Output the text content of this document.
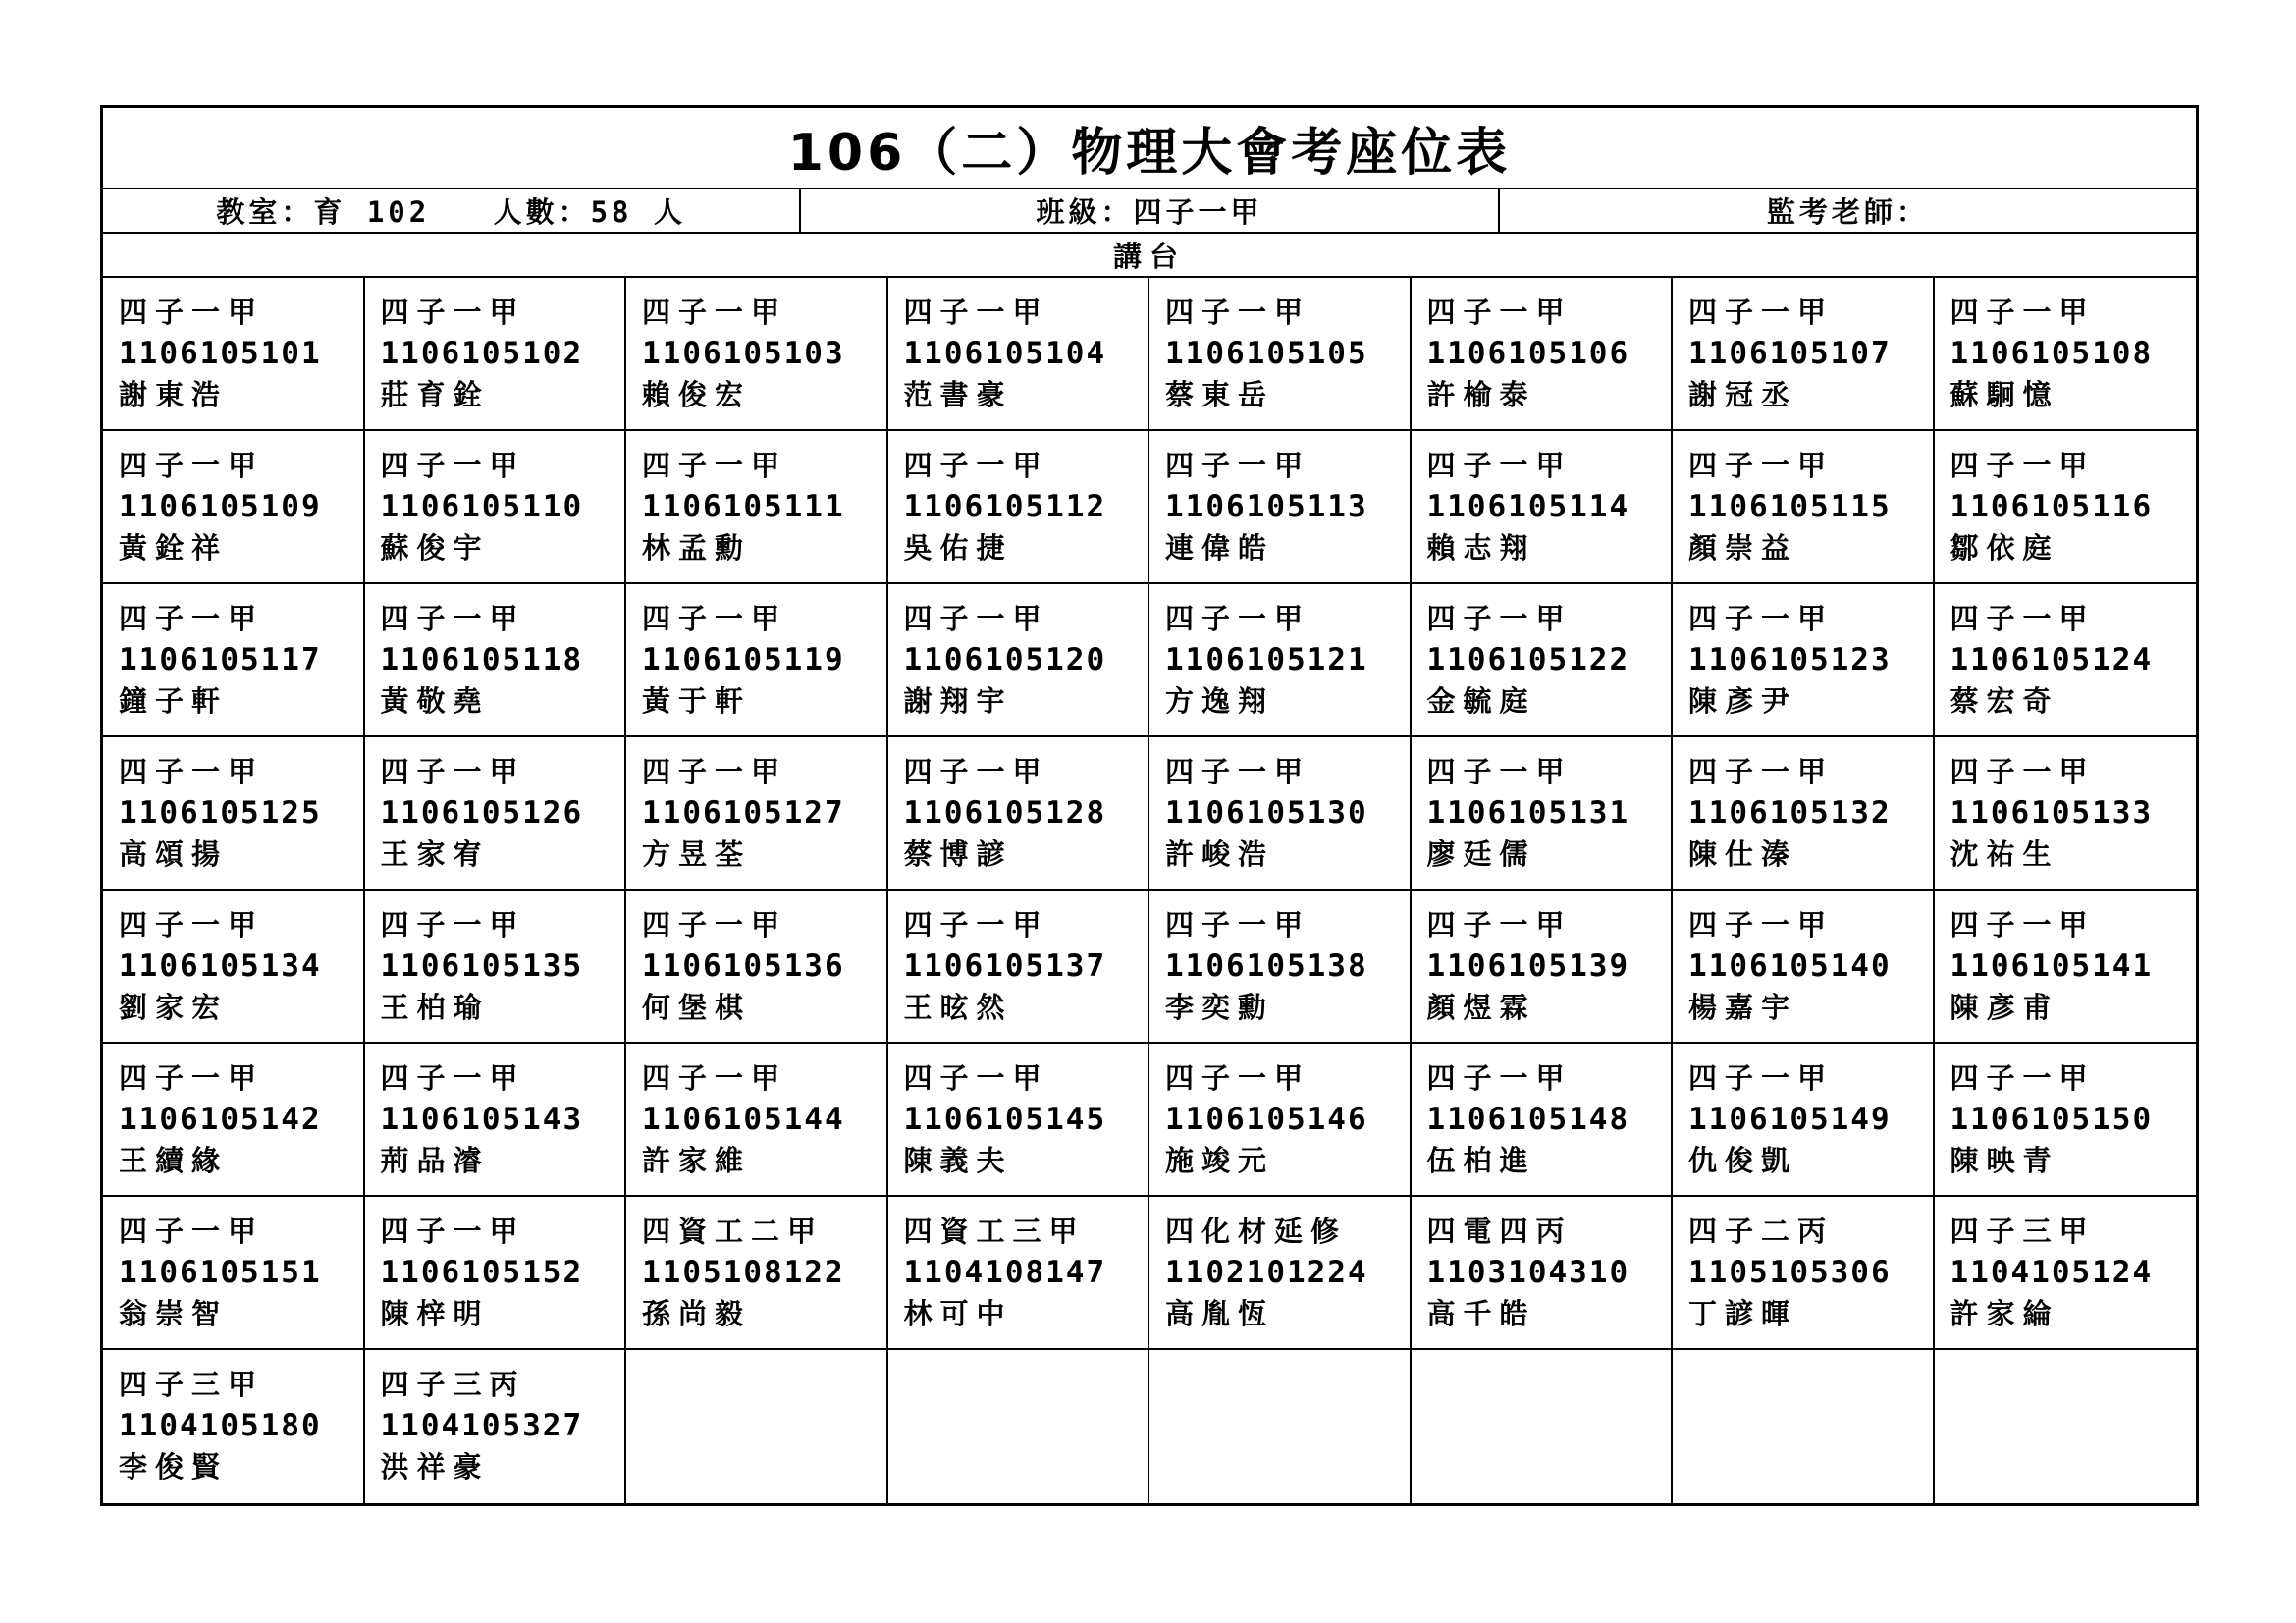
106（二）物理大會考座位表
教室：育 102   人數：58 人	班級：四子一甲	監考老師：
講台
四子一甲
1106105101
謝東浩
四子一甲
1106105102
莊育銓
四子一甲
1106105103
賴俊宏
四子一甲
1106105104
范書豪
四子一甲
1106105105
蔡東岳
四子一甲
1106105106
許榆泰
四子一甲
1106105107
謝冠丞
四子一甲
1106105108
蘇駉憶
四子一甲
1106105109
黃銓祥
四子一甲
1106105110
蘇俊宇
四子一甲
1106105111
林孟勳
四子一甲
1106105112
吳佑捷
四子一甲
1106105113
連偉皓
四子一甲
1106105114
賴志翔
四子一甲
1106105115
顏崇益
四子一甲
1106105116
鄒依庭
四子一甲
1106105117
鐘子軒
四子一甲
1106105118
黃敬堯
四子一甲
1106105119
黃于軒
四子一甲
1106105120
謝翔宇
四子一甲
1106105121
方逸翔
四子一甲
1106105122
金毓庭
四子一甲
1106105123
陳彥尹
四子一甲
1106105124
蔡宏奇
四子一甲
1106105125
高頌揚
四子一甲
1106105126
王家宥
四子一甲
1106105127
方昱荃
四子一甲
1106105128
蔡博諺
四子一甲
1106105130
許峻浩
四子一甲
1106105131
廖廷儒
四子一甲
1106105132
陳仕溱
四子一甲
1106105133
沈祐生
四子一甲
1106105134
劉家宏
四子一甲
1106105135
王柏瑜
四子一甲
1106105136
何堡棋
四子一甲
1106105137
王昡然
四子一甲
1106105138
李奕勳
四子一甲
1106105139
顏煜霖
四子一甲
1106105140
楊嘉宇
四子一甲
1106105141
陳彥甫
四子一甲
1106105142
王續緣
四子一甲
1106105143
荊品濬
四子一甲
1106105144
許家維
四子一甲
1106105145
陳義夫
四子一甲
1106105146
施竣元
四子一甲
1106105148
伍柏進
四子一甲
1106105149
仇俊凱
四子一甲
1106105150
陳映青
四子一甲
1106105151
翁崇智
四子一甲
1106105152
陳梓明
四資工二甲
1105108122
孫尚毅
四資工三甲
1104108147
林可中
四化材延修
1102101224
高胤恆
四電四丙
1103104310
高千皓
四子二丙
1105105306
丁諺暉
四子三甲
1104105124
許家綸
四子三甲
1104105180
李俊賢
四子三丙
1104105327
洪祥豪
